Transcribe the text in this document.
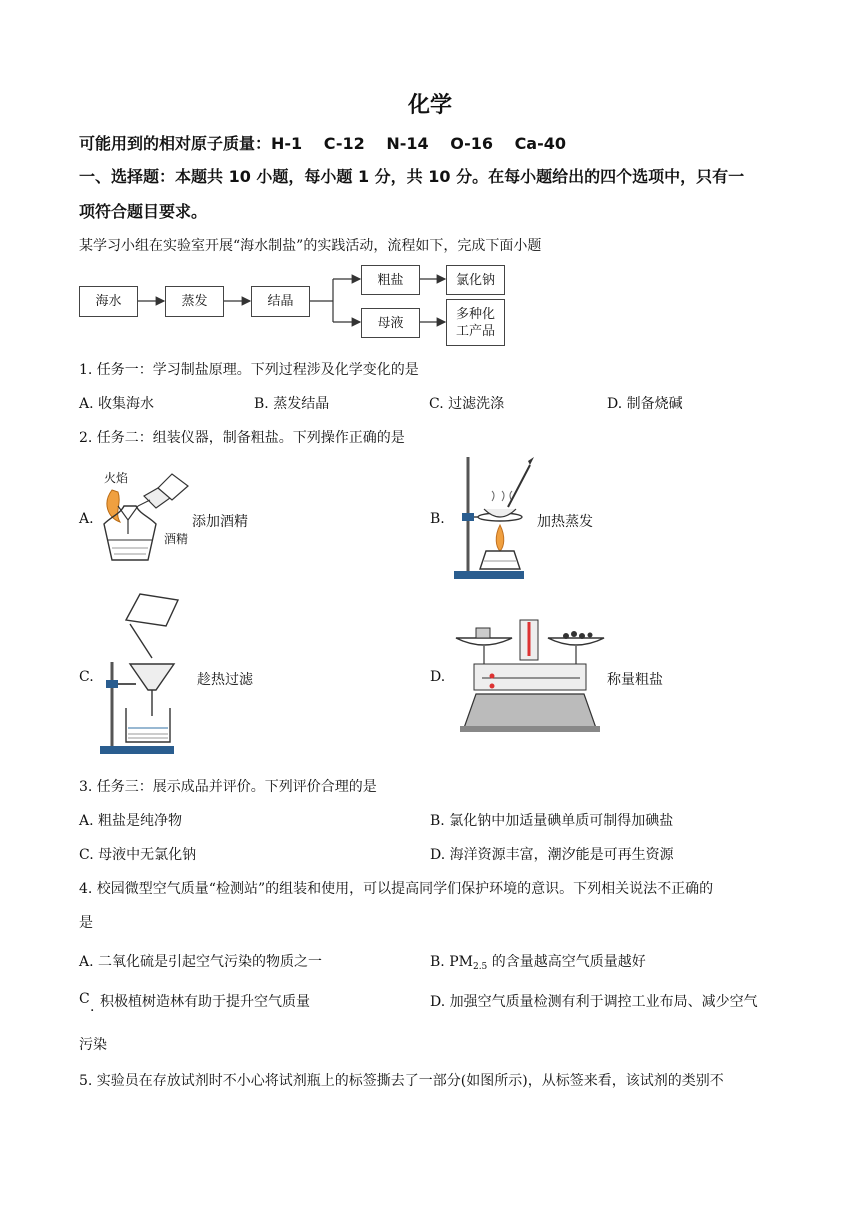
化学
可能用到的相对原子质量：H-1　 C-12　 N-14　 O-16　 Ca-40
一、选择题：本题共 10 小题，每小题 1 分，共 10 分。在每小题给出的四个选项中，只有一
项符合题目要求。
某学习小组在实验室开展“海水制盐”的实践活动，流程如下，完成下面小题
海水	蒸发	结晶
粗盐	氯化钠
母液
多种化
工产品
1. 任务一：学习制盐原理。下列过程涉及化学变化的是
A. 收集海水	B. 蒸发结晶	C. 过滤洗涤	D. 制备烧碱
2. 任务二：组装仪器，制备粗盐。下列操作正确的是
A.
火焰
添加酒精
酒精
B.	加热蒸发
C.	趁热过滤	D.	称量粗盐
3. 任务三：展示成品并评价。下列评价合理的是
A. 粗盐是纯净物	B. 氯化钠中加适量碘单质可制得加碘盐
C. 母液中无氯化钠	D. 海洋资源丰富，潮汐能是可再生资源
4. 校园微型空气质量“检测站”的组装和使用，可以提高同学们保护环境的意识。下列相关说法不正确的
是
A. 二氧化硫是引起空气污染的物质之一	B. $PM_{2.5}$ 的含量越高空气质量越好
C
·
积极植树造林有助于提升空气质量	D. 加强空气质量检测有利于调控工业布局、减少空气
污染
5. 实验员在存放试剂时不小心将试剂瓶上的标签撕去了一部分(如图所示)，从标签来看，该试剂的类别不
